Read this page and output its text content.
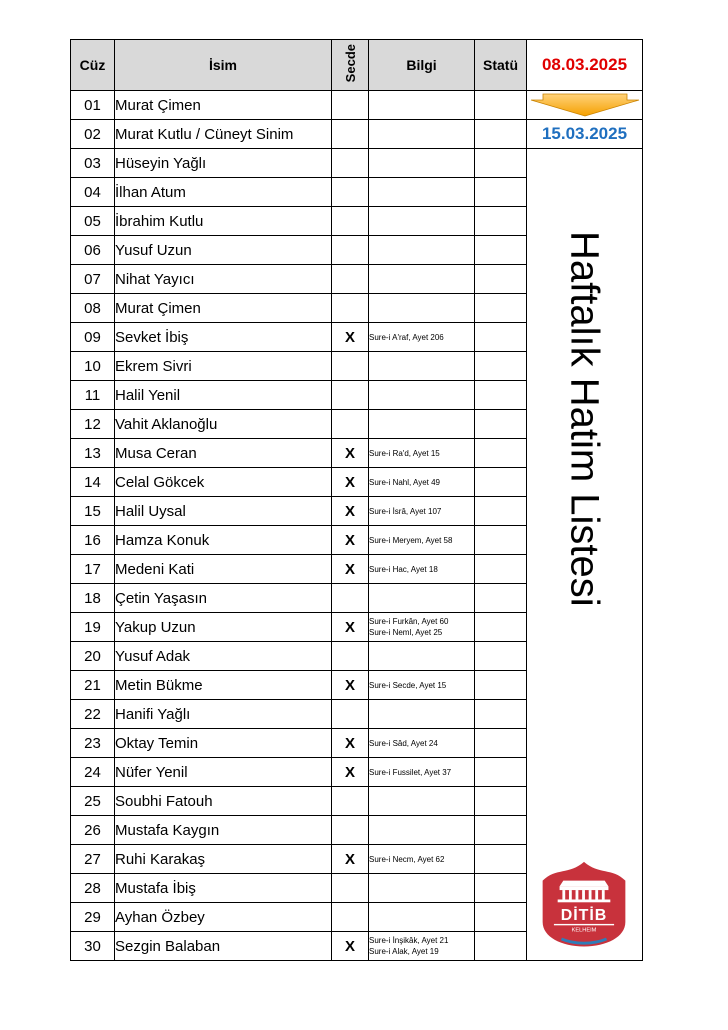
Cüz	İsim	Secde	Bilgi	Statü	08.03.2025
01	Murat Çimen				

02	Murat Kutlu / Cüneyt Sinim				15.03.2025
03	Hüseyin Yağlı				Haftalık Hatim Listesi
DİTİB
KELHEIM

04	İlhan Atum				
05	İbrahim Kutlu				
06	Yusuf Uzun				
07	Nihat Yayıcı				
08	Murat Çimen				
09	Sevket İbiş	X	Sure-i A'raf, Ayet 206		

10	Ekrem Sivri				
11	Halil Yenil				
12	Vahit Aklanoğlu				
13	Musa Ceran	X	Sure-i Ra'd, Ayet 15		

14	Celal Gökcek	X	Sure-i Nahl, Ayet 49		

15	Halil Uysal	X	Sure-i İsrâ, Ayet 107		

16	Hamza Konuk	X	Sure-i Meryem, Ayet 58		

17	Medeni Kati	X	Sure-i Hac, Ayet 18		

18	Çetin Yaşasın				
19	Yakup Uzun	X	Sure-i Furkân, Ayet 60
Sure-i Neml, Ayet 25		

20	Yusuf Adak				
21	Metin Bükme	X	Sure-i Secde, Ayet 15		

22	Hanifi Yağlı				
23	Oktay Temin	X	Sure-i Sâd, Ayet 24		

24	Nüfer Yenil	X	Sure-i Fussilet, Ayet 37		

25	Soubhi Fatouh				
26	Mustafa Kaygın				
27	Ruhi Karakaş	X	Sure-i Necm, Ayet 62		

28	Mustafa İbiş				
29	Ayhan Özbey				
30	Sezgin Balaban	X	Sure-i İnşikâk, Ayet 21
Sure-i Alak, Ayet 19		
